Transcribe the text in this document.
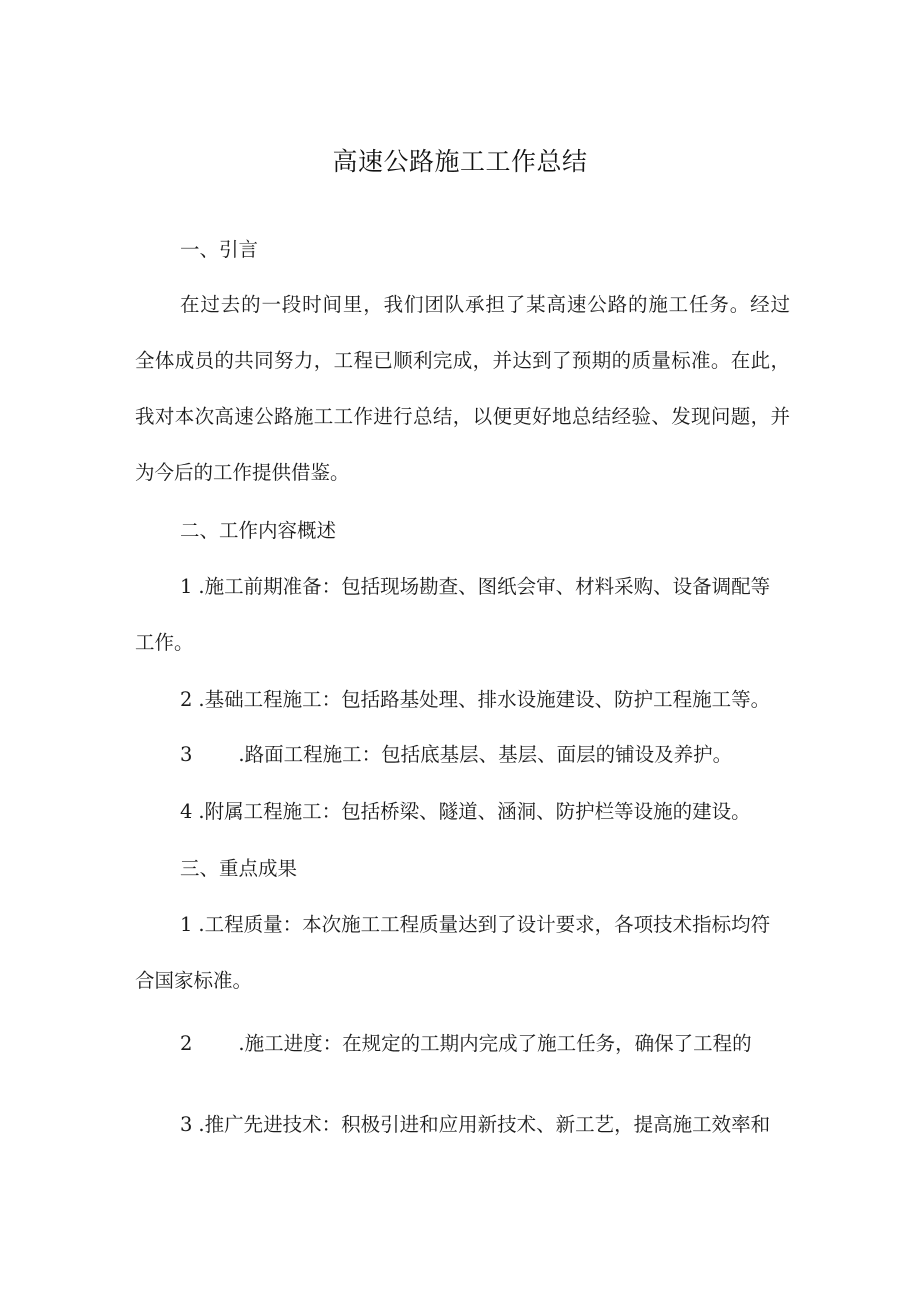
高速公路施工工作总结

一、引言

在过去的一段时间里，我们团队承担了某高速公路的施工任务。经过

全体成员的共同努力，工程已顺利完成，并达到了预期的质量标准。在此，

我对本次高速公路施工工作进行总结，以便更好地总结经验、发现问题，并

为今后的工作提供借鉴。

二、工作内容概述

1 .施工前期准备：包括现场勘查、图纸会审、材料采购、设备调配等

工作。

2 .基础工程施工：包括路基处理、排水设施建设、防护工程施工等。

3 .路面工程施工：包括底基层、基层、面层的铺设及养护。

4 .附属工程施工：包括桥梁、隧道、涵洞、防护栏等设施的建设。

三、重点成果

1 .工程质量：本次施工工程质量达到了设计要求，各项技术指标均符

合国家标准。

2 .施工进度：在规定的工期内完成了施工任务，确保了工程的

3 .推广先进技术：积极引进和应用新技术、新工艺，提高施工效率和
